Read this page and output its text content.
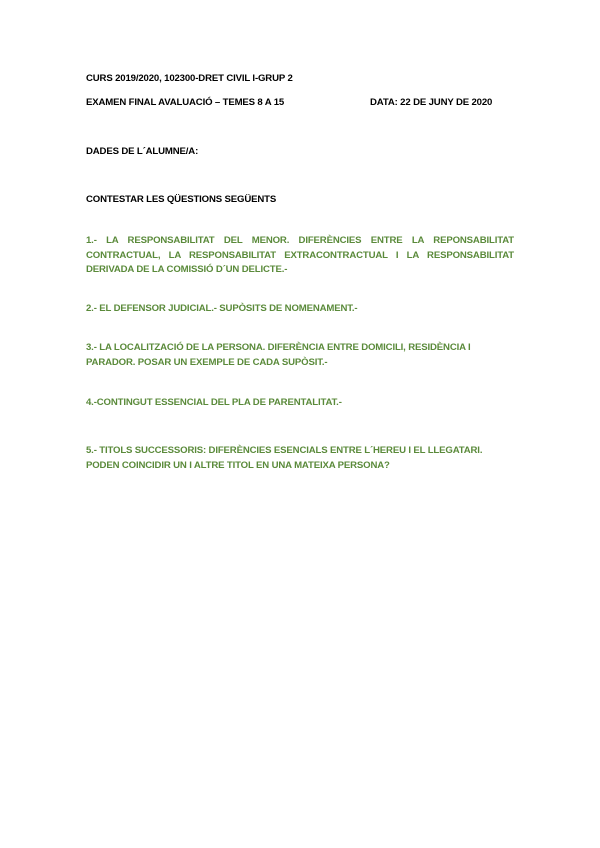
CURS 2019/2020, 102300-DRET CIVIL I-GRUP 2
EXAMEN FINAL AVALUACIÓ – TEMES 8 A 15	DATA: 22 DE JUNY DE 2020
DADES DE L´ALUMNE/A:
CONTESTAR LES QÜESTIONS SEGÜENTS
1.- LA RESPONSABILITAT DEL MENOR. DIFERÈNCIES ENTRE LA REPONSABILITAT CONTRACTUAL, LA RESPONSABILITAT EXTRACONTRACTUAL I LA RESPONSABILITAT DERIVADA DE LA COMISSIÓ D´UN DELICTE.-
2.- EL DEFENSOR JUDICIAL.- SUPÒSITS DE NOMENAMENT.-
3.- LA LOCALITZACIÓ DE LA PERSONA. DIFERÈNCIA ENTRE DOMICILI, RESIDÈNCIA I PARADOR. POSAR UN EXEMPLE DE CADA SUPÒSIT.-
4.-CONTINGUT ESSENCIAL DEL PLA DE PARENTALITAT.-
5.- TITOLS SUCCESSORIS: DIFERÈNCIES ESENCIALS ENTRE L´HEREU I EL LLEGATARI. PODEN COINCIDIR UN I ALTRE TITOL EN UNA MATEIXA PERSONA?
